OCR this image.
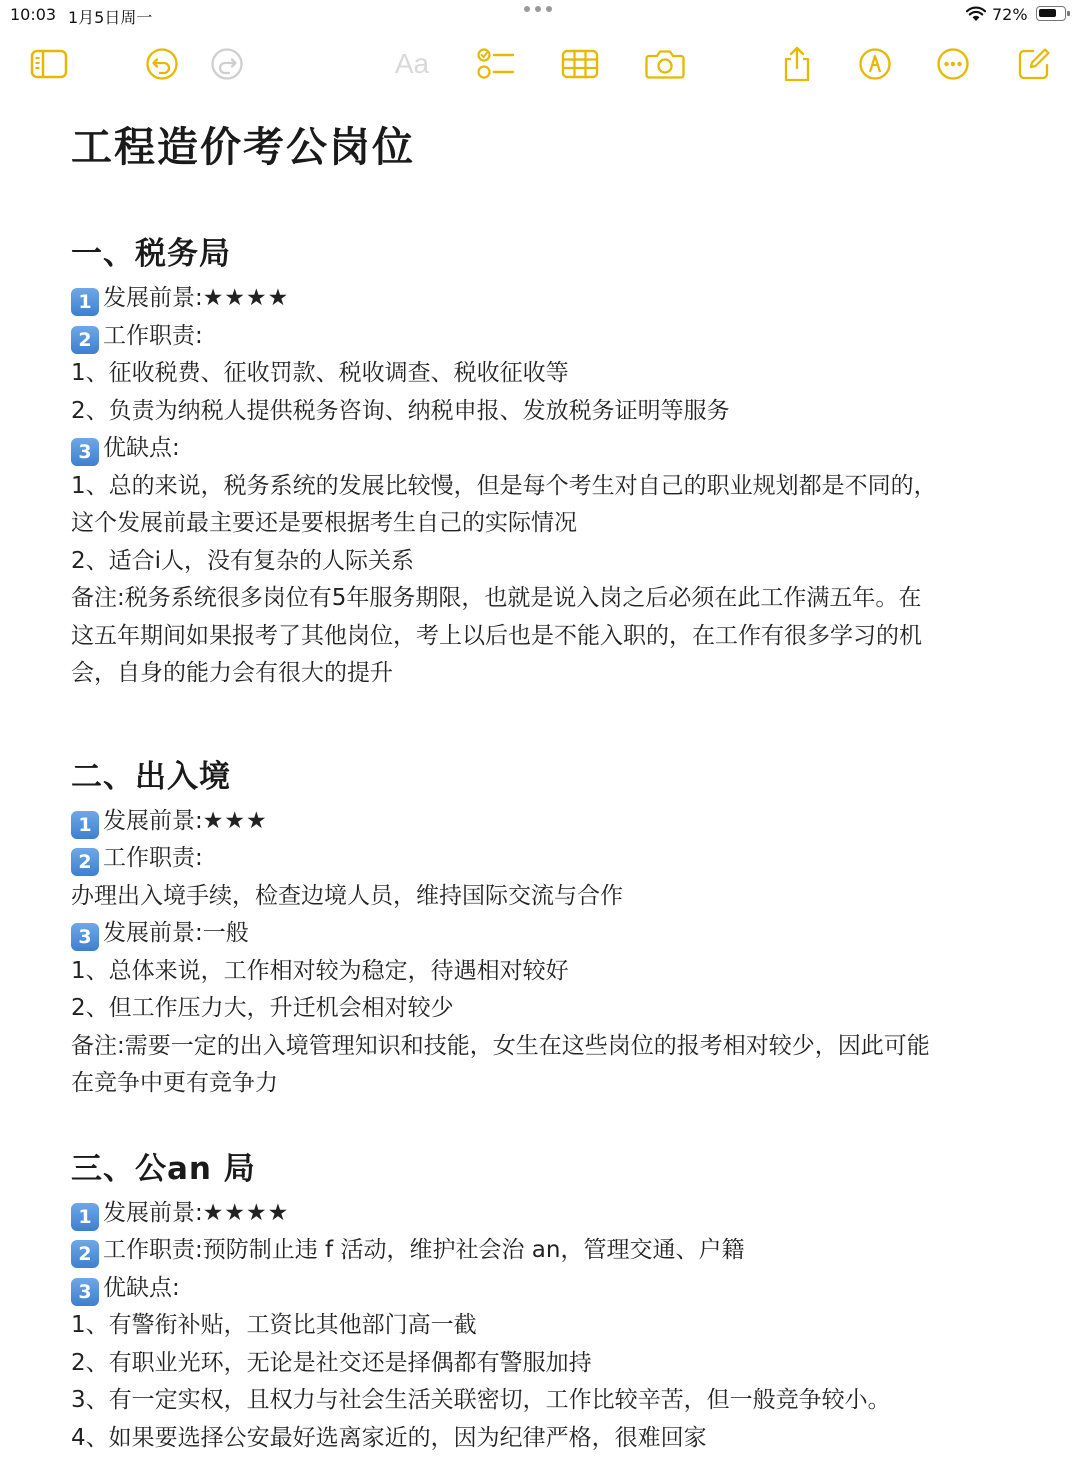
10:03 1月5日周一	72%
Aa
工程造价考公岗位
一、税务局

1 发展前景:★★★★

2 工作职责:

1、征收税费、征收罚款、税收调查、税收征收等

2、负责为纳税人提供税务咨询、纳税申报、发放税务证明等服务

3 优缺点:

1、总的来说，税务系统的发展比较慢，但是每个考生对自己的职业规划都是不同的，

这个发展前最主要还是要根据考生自己的实际情况

2、适合i人，没有复杂的人际关系

备注:税务系统很多岗位有5年服务期限，也就是说入岗之后必须在此工作满五年。在

这五年期间如果报考了其他岗位，考上以后也是不能入职的，在工作有很多学习的机

会，自身的能力会有很大的提升

二、出入境

1 发展前景:★★★

2 工作职责:

办理出入境手续，检查边境人员，维持国际交流与合作

3 发展前景:一般

1、总体来说，工作相对较为稳定，待遇相对较好

2、但工作压力大，升迁机会相对较少

备注:需要一定的出入境管理知识和技能，女生在这些岗位的报考相对较少，因此可能

在竞争中更有竞争力

三、公an 局

1 发展前景:★★★★

2 工作职责:预防制止违 f 活动，维护社会治 an，管理交通、户籍

3 优缺点:

1、有警衔补贴，工资比其他部门高一截

2、有职业光环，无论是社交还是择偶都有警服加持

3、有一定实权，且权力与社会生活关联密切，工作比较辛苦，但一般竞争较小。

4、如果要选择公安最好选离家近的，因为纪律严格，很难回家
